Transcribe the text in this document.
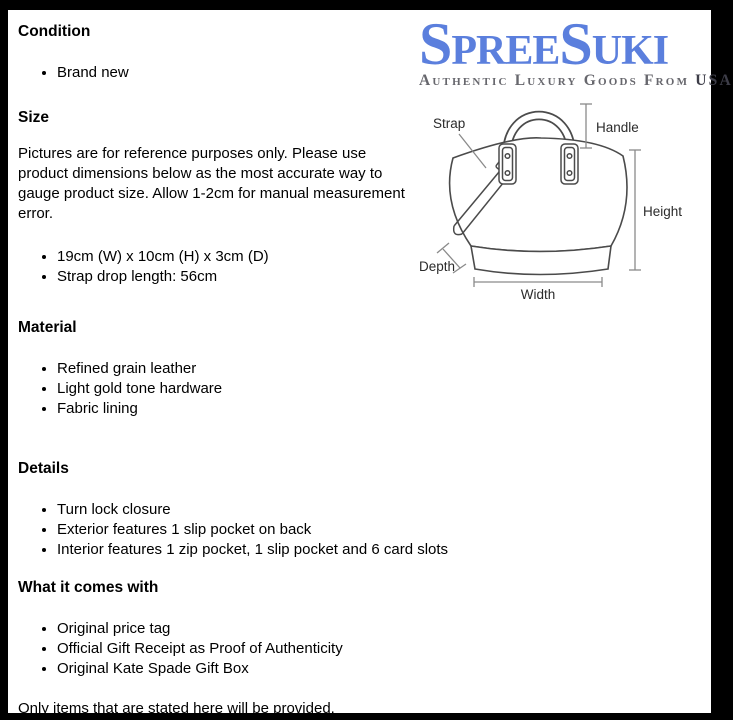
SpreeSuki
Authentic Luxury Goods From USA
Strap	Handle
Height
Depth
Width
Condition
• Brand new
Size

Pictures are for reference purposes only. Please use product dimensions below as the most accurate way to gauge product size. Allow 1-2cm for manual measurement error.

• 19cm (W) x 10cm (H) x 3cm (D)
• Strap drop length: 56cm
Material
• Refined grain leather
• Light gold tone hardware
• Fabric lining
Details
• Turn lock closure
• Exterior features 1 slip pocket on back
• Interior features 1 zip pocket, 1 slip pocket and 6 card slots
What it comes with
• Original price tag
• Official Gift Receipt as Proof of Authenticity
• Original Kate Spade Gift Box

Only items that are stated here will be provided.
